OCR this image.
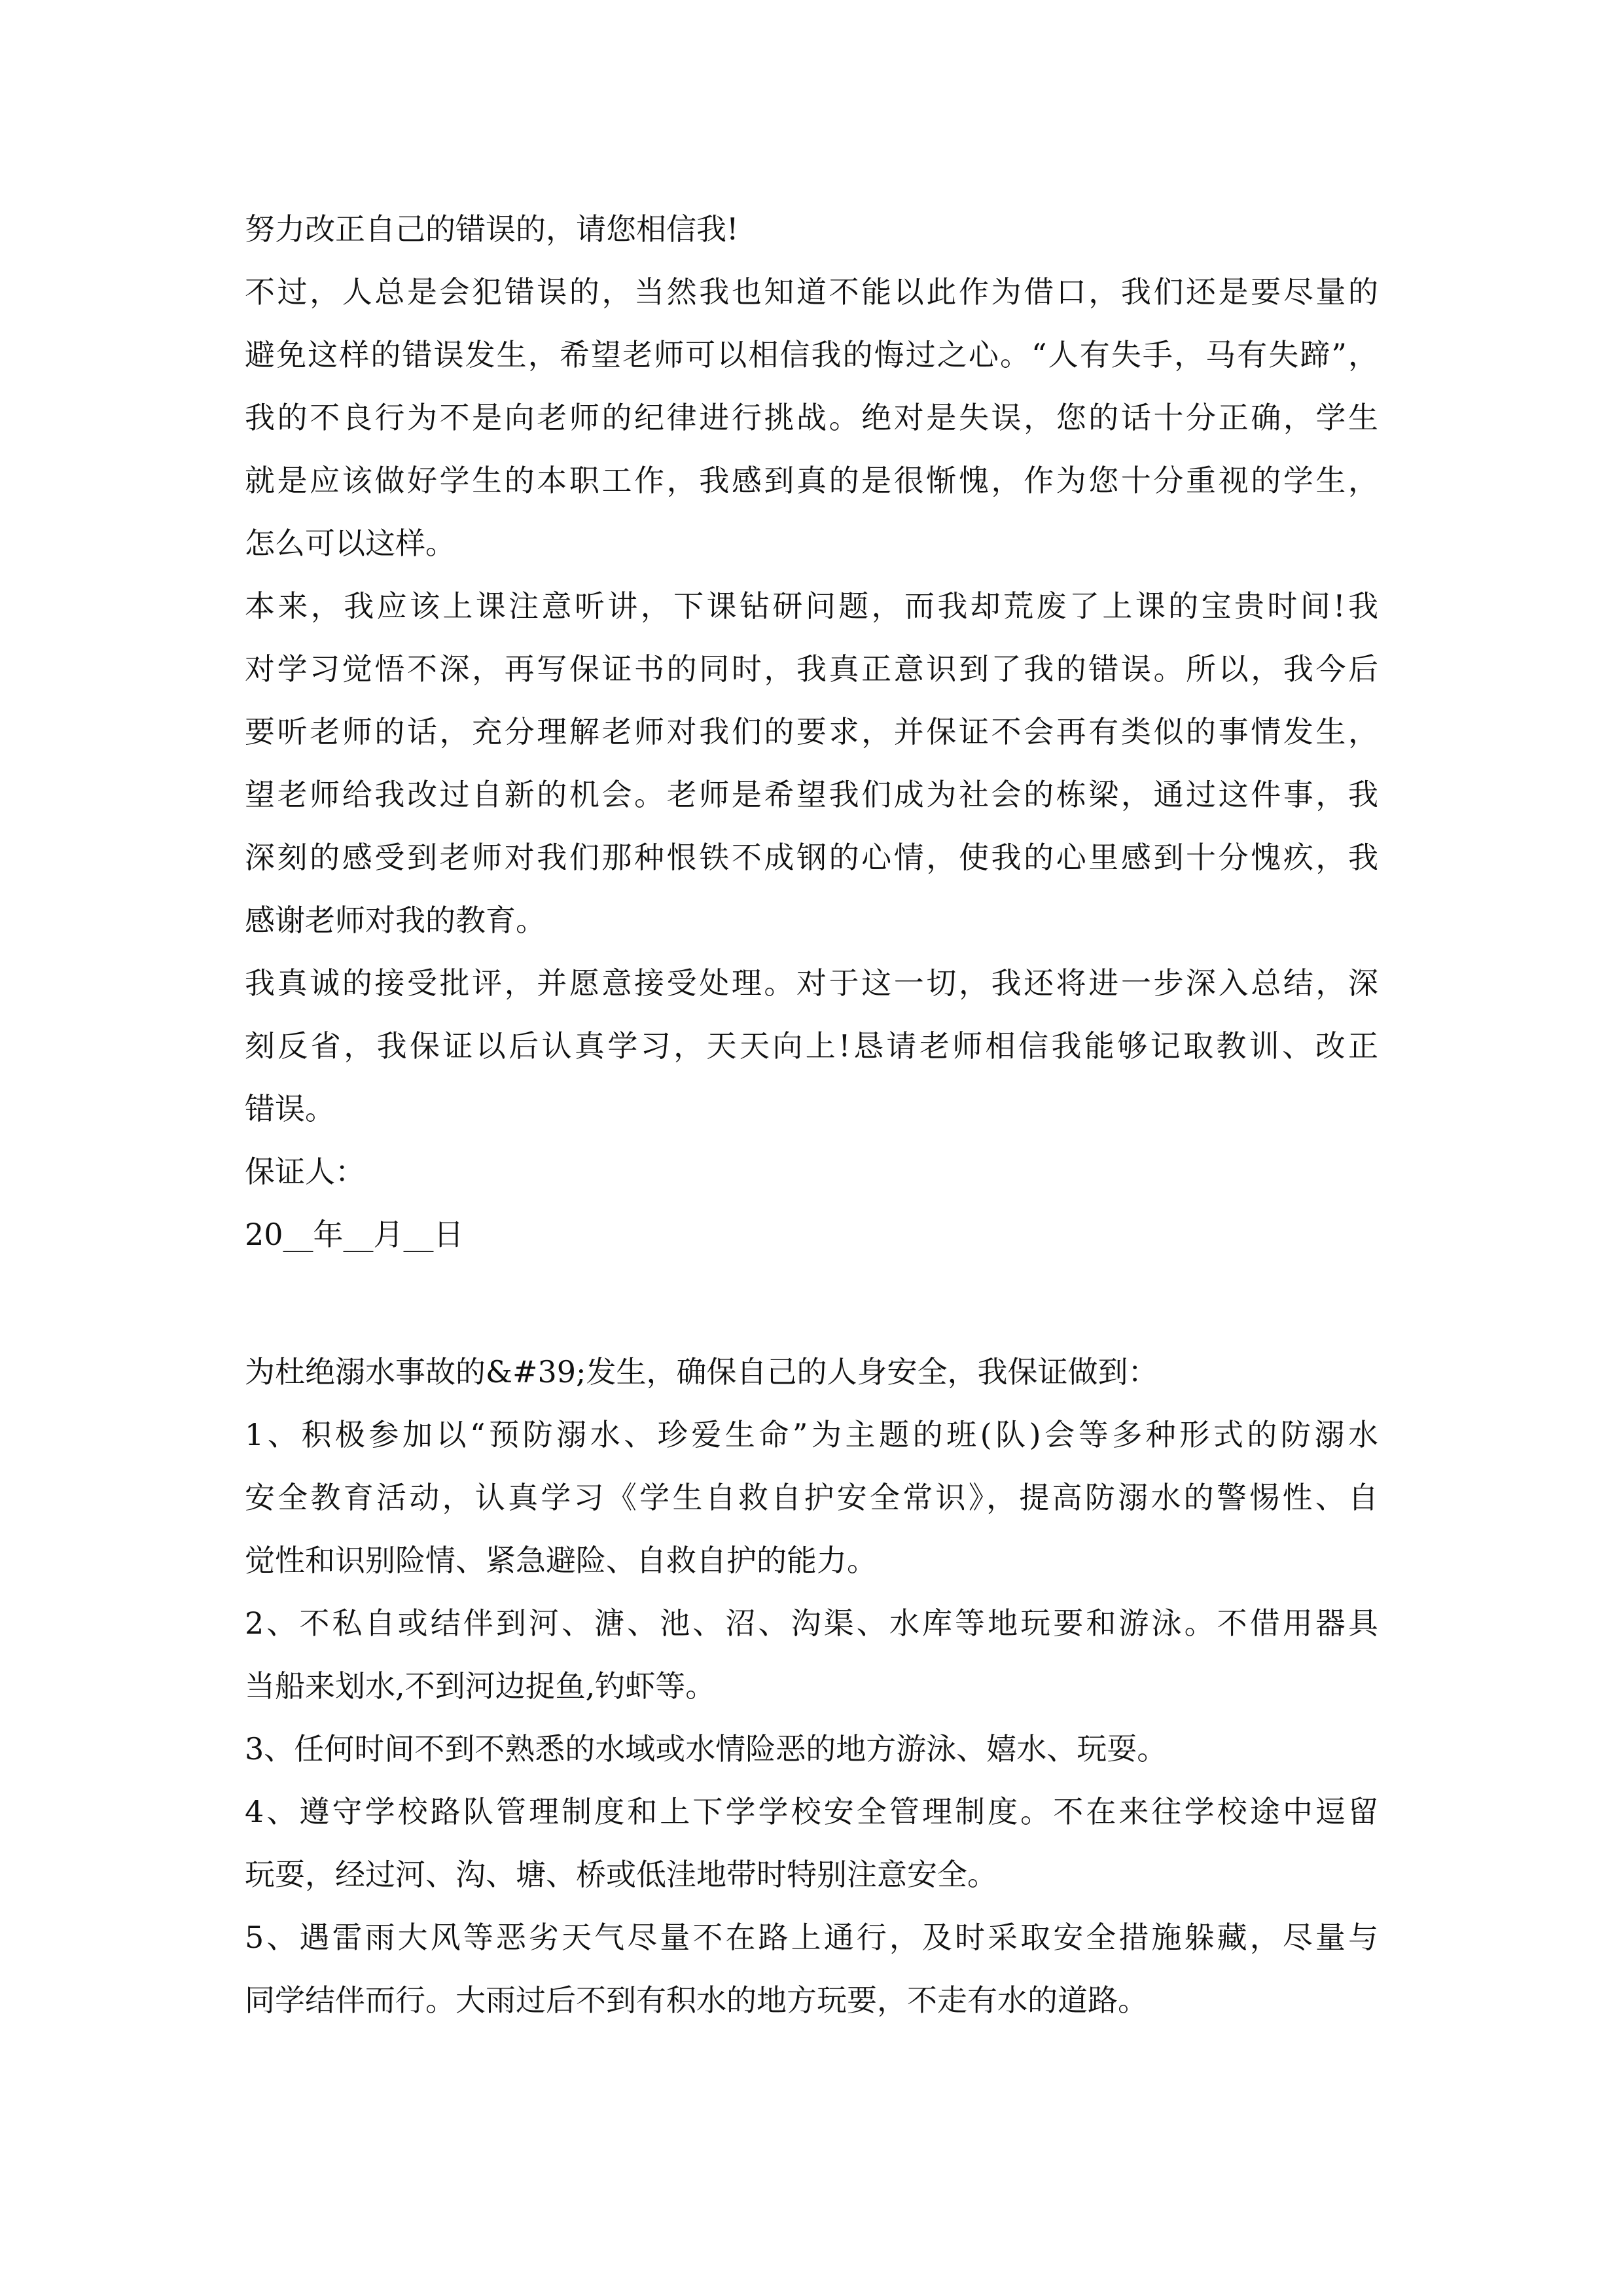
努力改正自己的错误的，请您相信我!
不过，人总是会犯错误的，当然我也知道不能以此作为借口，我们还是要尽量的
避免这样的错误发生，希望老师可以相信我的悔过之心。“人有失手，马有失蹄”，
我的不良行为不是向老师的纪律进行挑战。绝对是失误，您的话十分正确，学生
就是应该做好学生的本职工作，我感到真的是很惭愧，作为您十分重视的学生，
怎么可以这样。
本来，我应该上课注意听讲，下课钻研问题，而我却荒废了上课的宝贵时间!我
对学习觉悟不深，再写保证书的同时，我真正意识到了我的错误。所以，我今后
要听老师的话，充分理解老师对我们的要求，并保证不会再有类似的事情发生，
望老师给我改过自新的机会。老师是希望我们成为社会的栋梁，通过这件事，我
深刻的感受到老师对我们那种恨铁不成钢的心情，使我的心里感到十分愧疚，我
感谢老师对我的教育。
我真诚的接受批评，并愿意接受处理。对于这一切，我还将进一步深入总结，深
刻反省，我保证以后认真学习，天天向上!恳请老师相信我能够记取教训、改正
错误。
保证人：
20__年__月__日
为杜绝溺水事故的&#39;发生，确保自己的人身安全，我保证做到：
1、积极参加以“预防溺水、珍爱生命”为主题的班(队)会等多种形式的防溺水
安全教育活动，认真学习《学生自救自护安全常识》，提高防溺水的警惕性、自
觉性和识别险情、紧急避险、自救自护的能力。
2、不私自或结伴到河、溏、池、沼、沟渠、水库等地玩要和游泳。不借用器具
当船来划水,不到河边捉鱼,钓虾等。
3、任何时间不到不熟悉的水域或水情险恶的地方游泳、嬉水、玩耍。
4、遵守学校路队管理制度和上下学学校安全管理制度。不在来往学校途中逗留
玩耍，经过河、沟、塘、桥或低洼地带时特别注意安全。
5、遇雷雨大风等恶劣天气尽量不在路上通行，及时采取安全措施躲藏，尽量与
同学结伴而行。大雨过后不到有积水的地方玩要，不走有水的道路。
